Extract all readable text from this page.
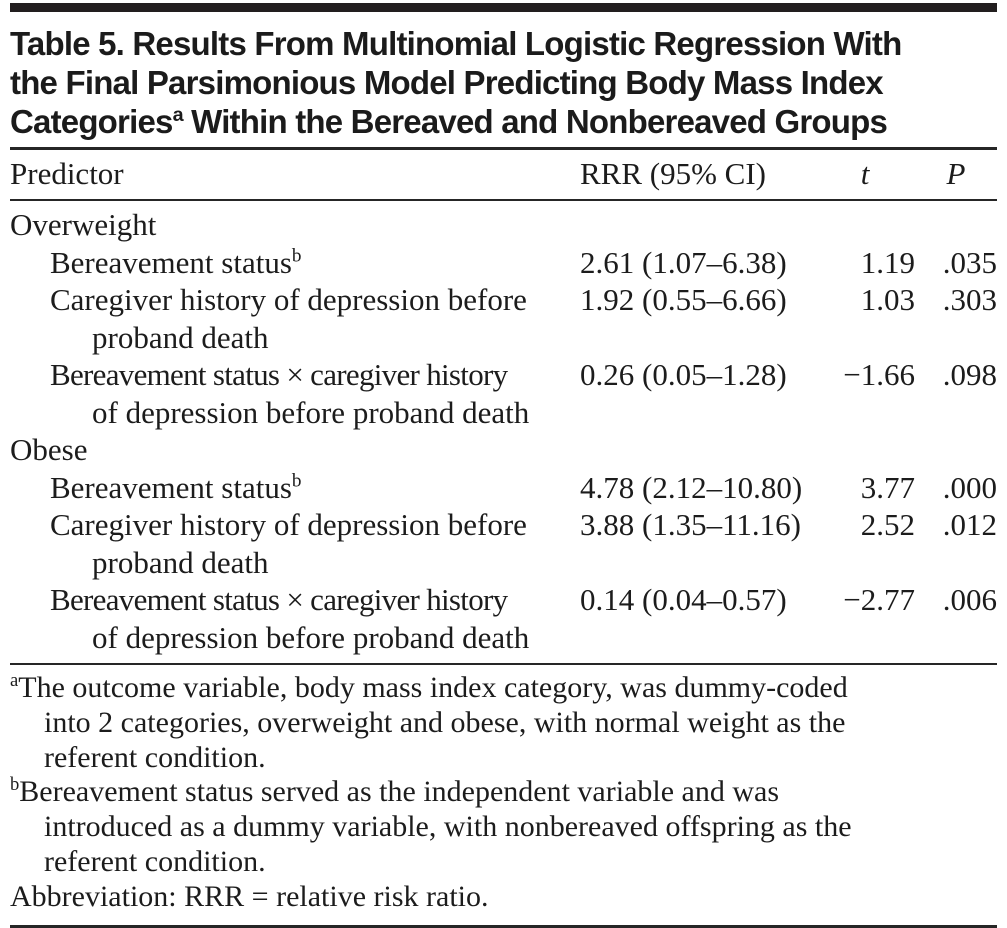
Table 5. Results From Multinomial Logistic Regression With
the Final Parsimonious Model Predicting Body Mass Index
Categories$^a$ Within the Bereaved and Nonbereaved Groups
Predictor	RRR (95% CI)	t	P
Overweight
Bereavement status$^b$	2.61 (1.07–6.38)	1.19 .035
Caregiver history of depression before
proband death
1.92 (0.55–6.66)	1.03 .303
Bereavement status × caregiver history
of depression before proband death
0.26 (0.05–1.28)	−1.66 .098
Obese
Bereavement status$^b$	4.78 (2.12–10.80)	3.77 .000
Caregiver history of depression before
proband death
3.88 (1.35–11.16)	2.52 .012
Bereavement status × caregiver history
of depression before proband death
0.14 (0.04–0.57)	−2.77 .006
$^a$The outcome variable, body mass index category, was dummy-coded
into 2 categories, overweight and obese, with normal weight as the
referent condition.
$^b$Bereavement status served as the independent variable and was
introduced as a dummy variable, with nonbereaved offspring as the
referent condition.
Abbreviation: RRR = relative risk ratio.
